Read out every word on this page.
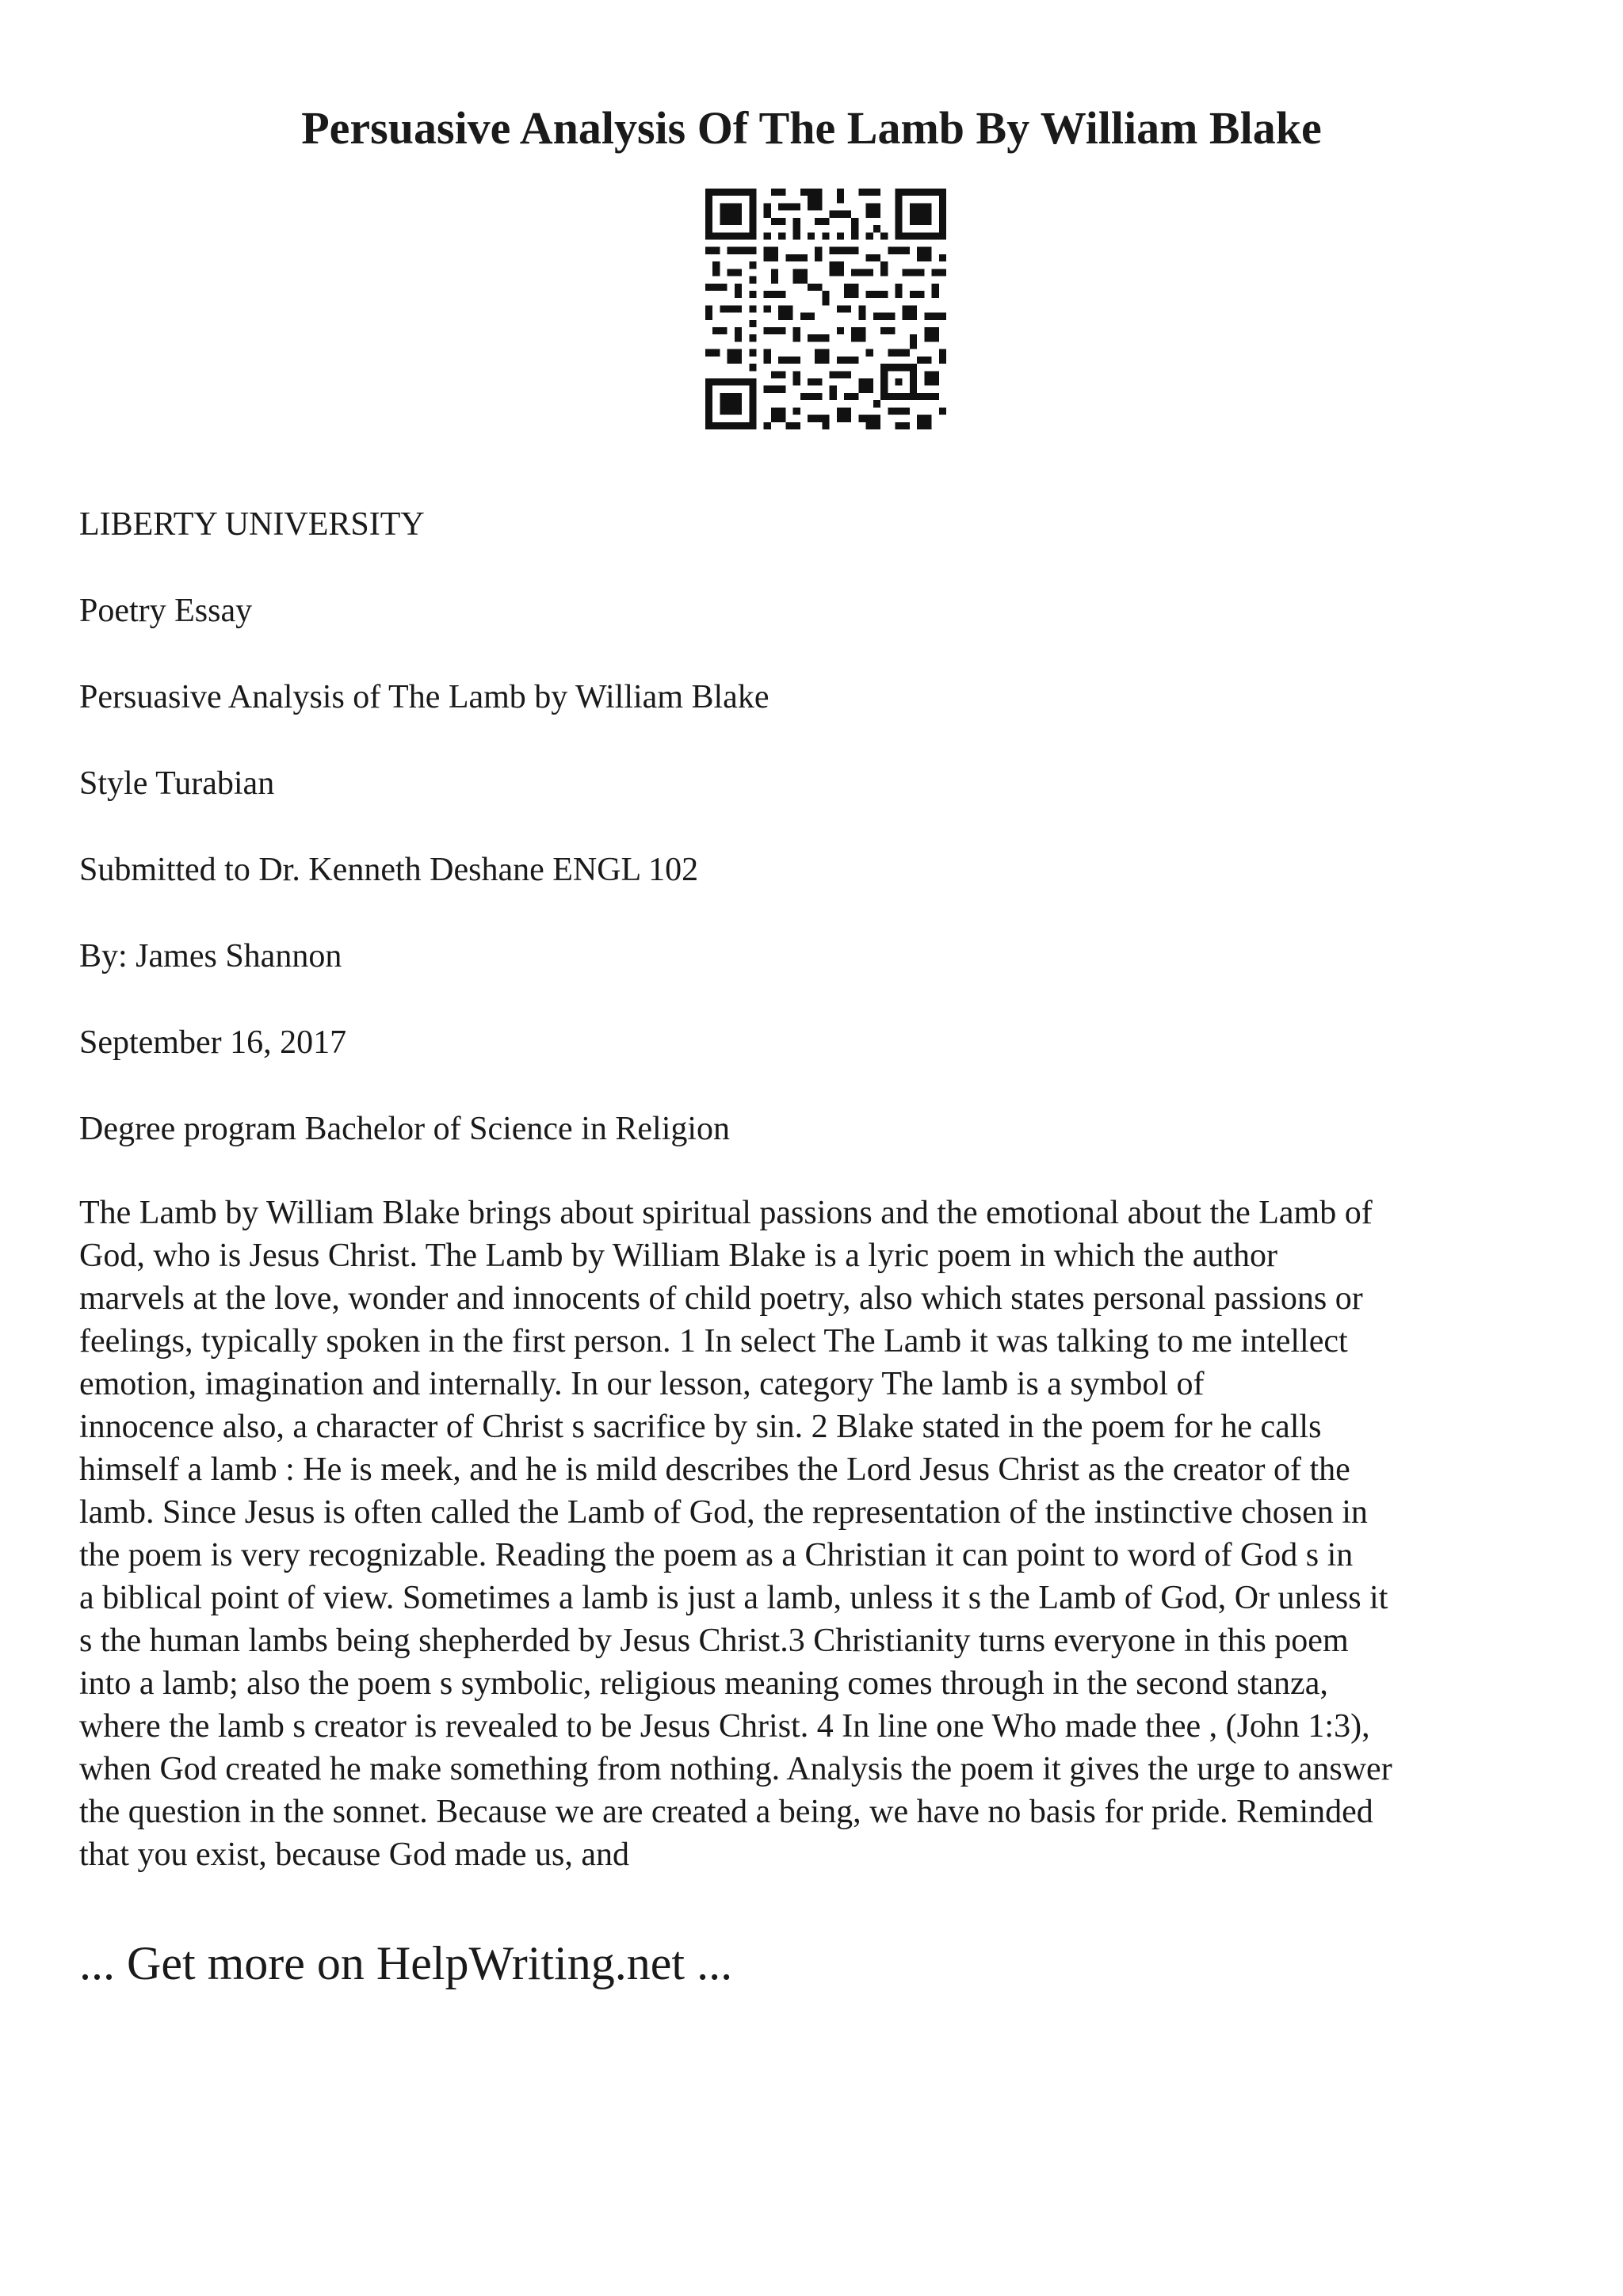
Persuasive Analysis Of The Lamb By William Blake
LIBERTY UNIVERSITY
Poetry Essay
Persuasive Analysis of The Lamb by William Blake
Style Turabian
Submitted to Dr. Kenneth Deshane ENGL 102
By: James Shannon
September 16, 2017
Degree program Bachelor of Science in Religion
The Lamb by William Blake brings about spiritual passions and the emotional about the Lamb of
God, who is Jesus Christ. The Lamb by William Blake is a lyric poem in which the author
marvels at the love, wonder and innocents of child poetry, also which states personal passions or
feelings, typically spoken in the first person. 1 In select The Lamb it was talking to me intellect
emotion, imagination and internally. In our lesson, category The lamb is a symbol of
innocence also, a character of Christ s sacrifice by sin. 2 Blake stated in the poem for he calls
himself a lamb : He is meek, and he is mild describes the Lord Jesus Christ as the creator of the
lamb. Since Jesus is often called the Lamb of God, the representation of the instinctive chosen in
the poem is very recognizable. Reading the poem as a Christian it can point to word of God s in
a biblical point of view. Sometimes a lamb is just a lamb, unless it s the Lamb of God, Or unless it
s the human lambs being shepherded by Jesus Christ.3 Christianity turns everyone in this poem
into a lamb; also the poem s symbolic, religious meaning comes through in the second stanza,
where the lamb s creator is revealed to be Jesus Christ. 4 In line one Who made thee , (John 1:3),
when God created he make something from nothing. Analysis the poem it gives the urge to answer
the question in the sonnet. Because we are created a being, we have no basis for pride. Reminded
that you exist, because God made us, and
... Get more on HelpWriting.net ...
